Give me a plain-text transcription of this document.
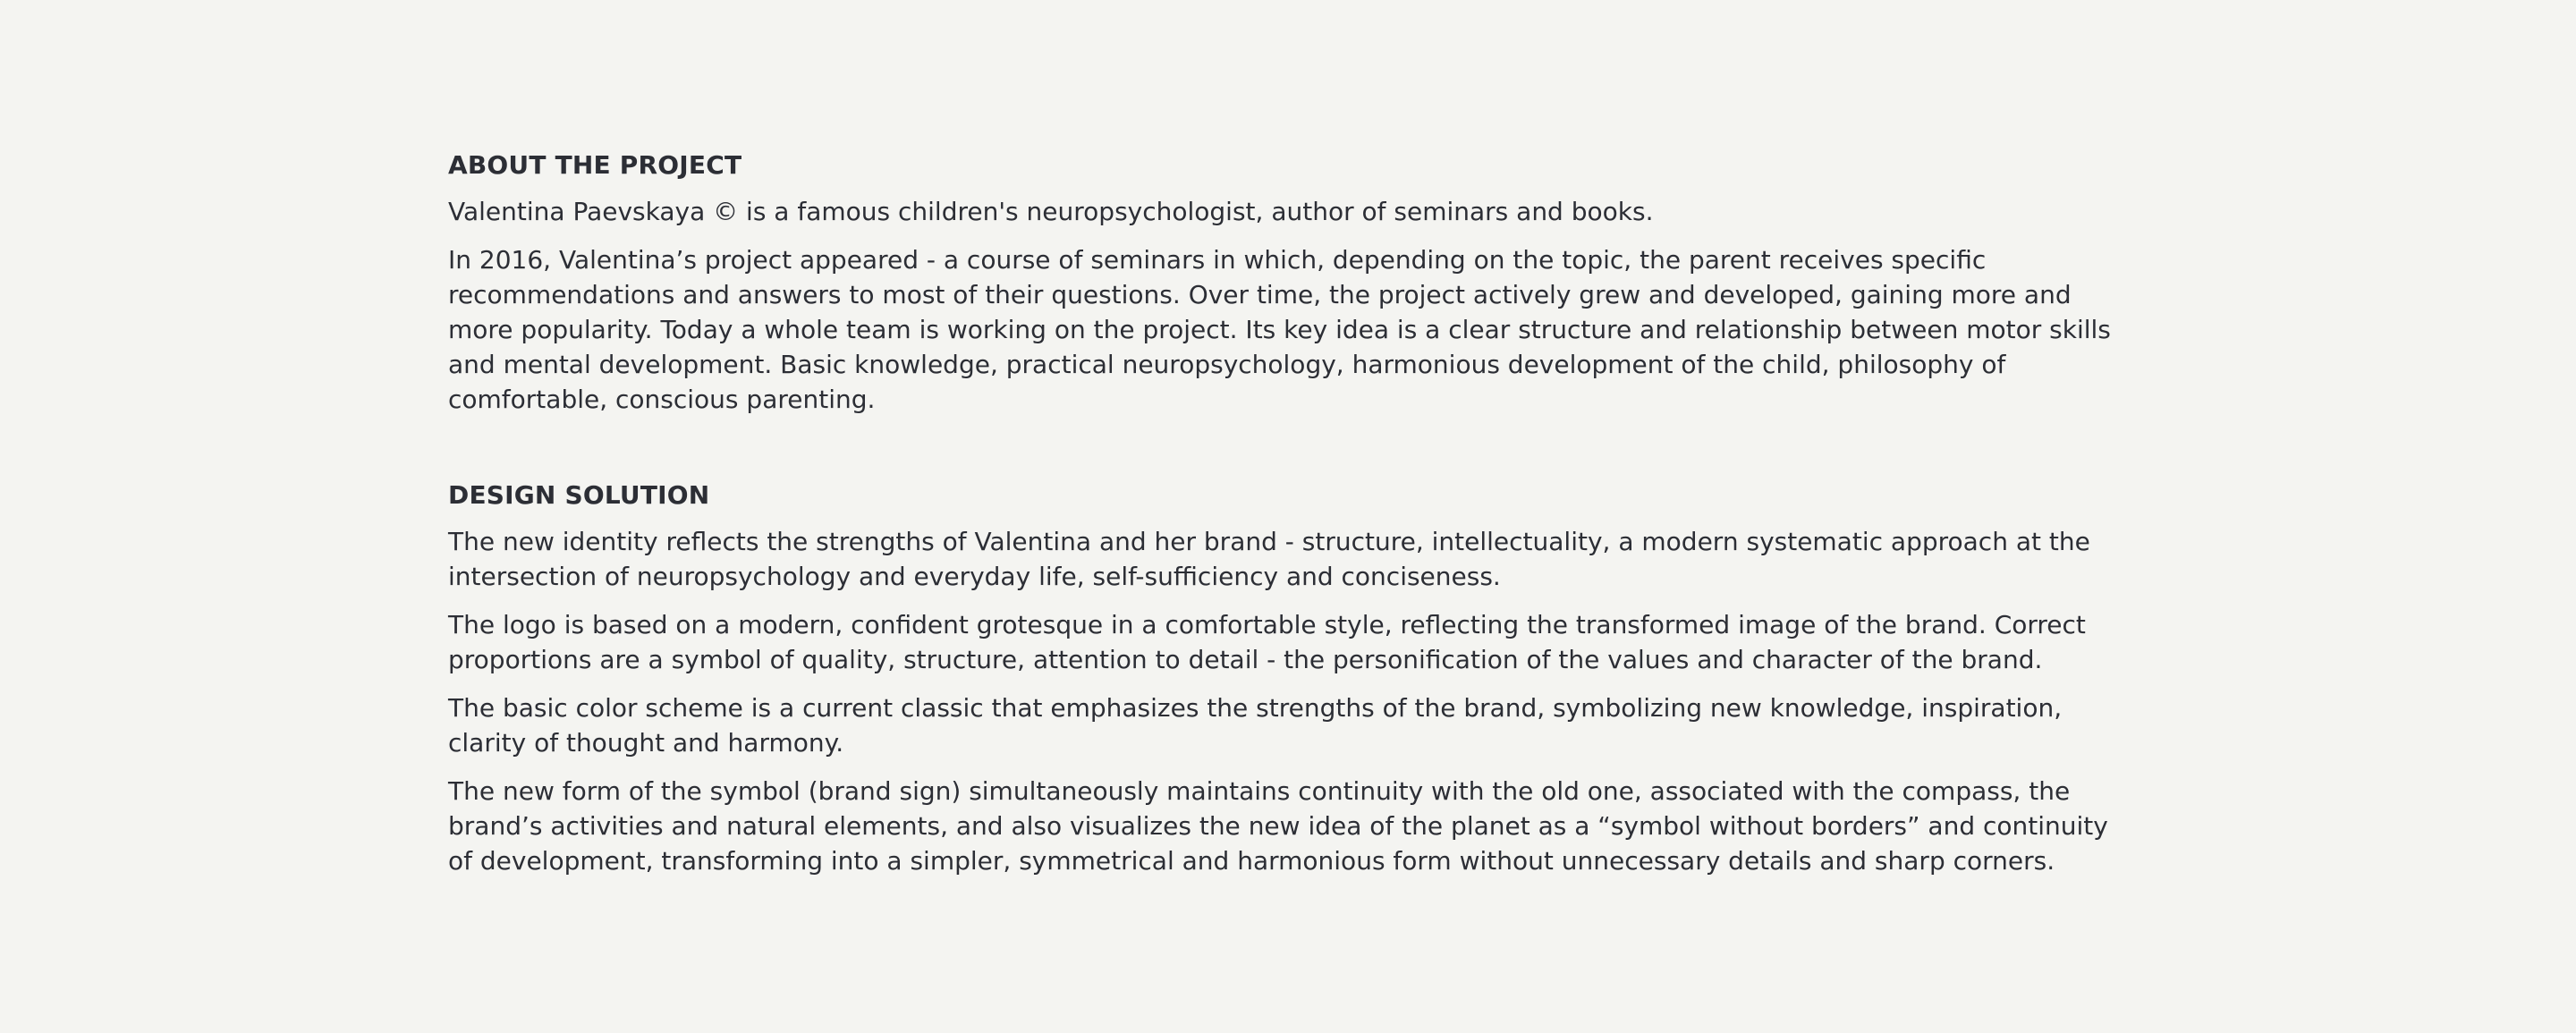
ABOUT THE PROJECT

Valentina Paevskaya © is a famous children's neuropsychologist, author of seminars and books.

In 2016, Valentina’s project appeared - a course of seminars in which, depending on the topic, the parent receives specific recommendations and answers to most of their questions. Over time, the project actively grew and developed, gaining more and more popularity. Today a whole team is working on the project. Its key idea is a clear structure and relationship between motor skills and mental development. Basic knowledge, practical neuropsychology, harmonious development of the child, philosophy of comfortable, conscious parenting.

DESIGN SOLUTION

The new identity reflects the strengths of Valentina and her brand - structure, intellectuality, a modern systematic approach at the intersection of neuropsychology and everyday life, self-sufficiency and conciseness.

The logo is based on a modern, confident grotesque in a comfortable style, reflecting the transformed image of the brand. Correct proportions are a symbol of quality, structure, attention to detail - the personification of the values and character of the brand.

The basic color scheme is a current classic that emphasizes the strengths of the brand, symbolizing new knowledge, inspiration, clarity of thought and harmony.

The new form of the symbol (brand sign) simultaneously maintains continuity with the old one, associated with the compass, the brand’s activities and natural elements, and also visualizes the new idea of the planet as a “symbol without borders” and continuity of development, transforming into a simpler, symmetrical and harmonious form without unnecessary details and sharp corners.
